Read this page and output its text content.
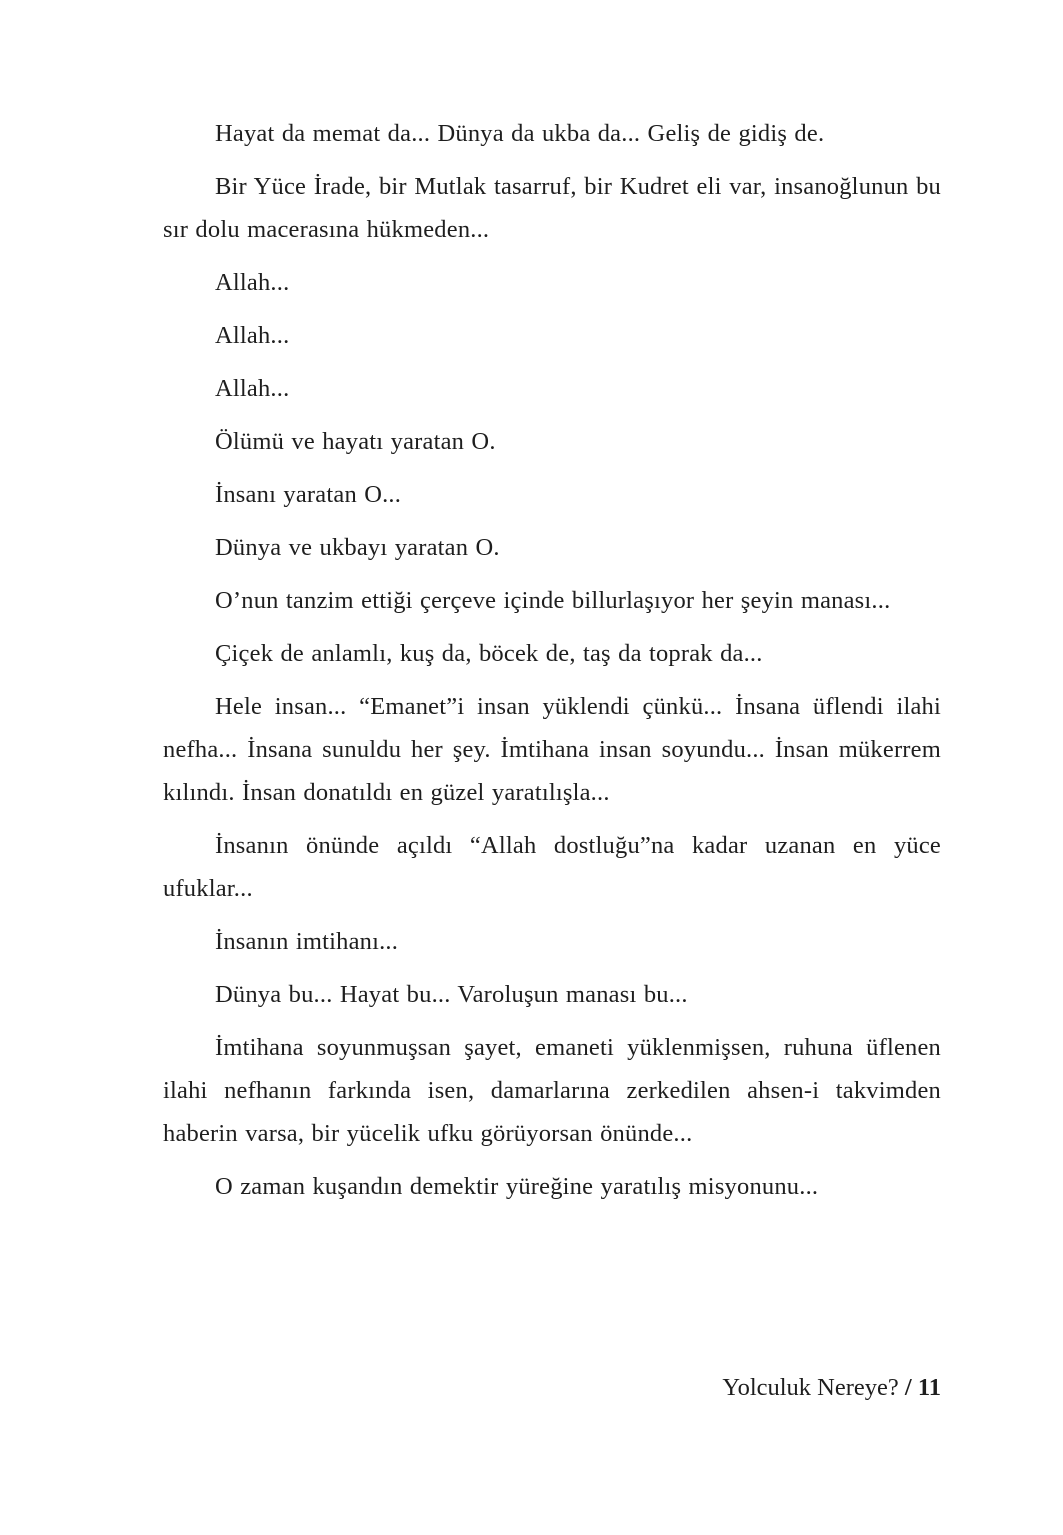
Hayat da memat da... Dünya da ukba da... Geliş de gidiş de.

Bir Yüce İrade, bir Mutlak tasarruf, bir Kudret eli var, insanoğlunun bu sır dolu macerasına hükmeden...

Allah...

Allah...

Allah...

Ölümü ve hayatı yaratan O.

İnsanı yaratan O...

Dünya ve ukbayı yaratan O.

O’nun tanzim ettiği çerçeve içinde billurlaşıyor her şeyin manası...

Çiçek de anlamlı, kuş da, böcek de, taş da toprak da...

Hele insan... “Emanet”i insan yüklendi çünkü... İnsana üflendi ilahi nefha... İnsana sunuldu her şey. İmtihana insan soyundu... İnsan mükerrem kılındı. İnsan donatıldı en güzel yaratılışla...

İnsanın önünde açıldı “Allah dostluğu”na kadar uzanan en yüce ufuklar...

İnsanın imtihanı...

Dünya bu... Hayat bu... Varoluşun manası bu...

İmtihana soyunmuşsan şayet, emaneti yüklenmişsen, ruhuna üflenen ilahi nefhanın farkında isen, damarlarına zerkedilen ahsen-i takvimden haberin varsa, bir yücelik ufku görüyorsan önünde...

O zaman kuşandın demektir yüreğine yaratılış misyonunu...

Yolculuk Nereye? / 11
